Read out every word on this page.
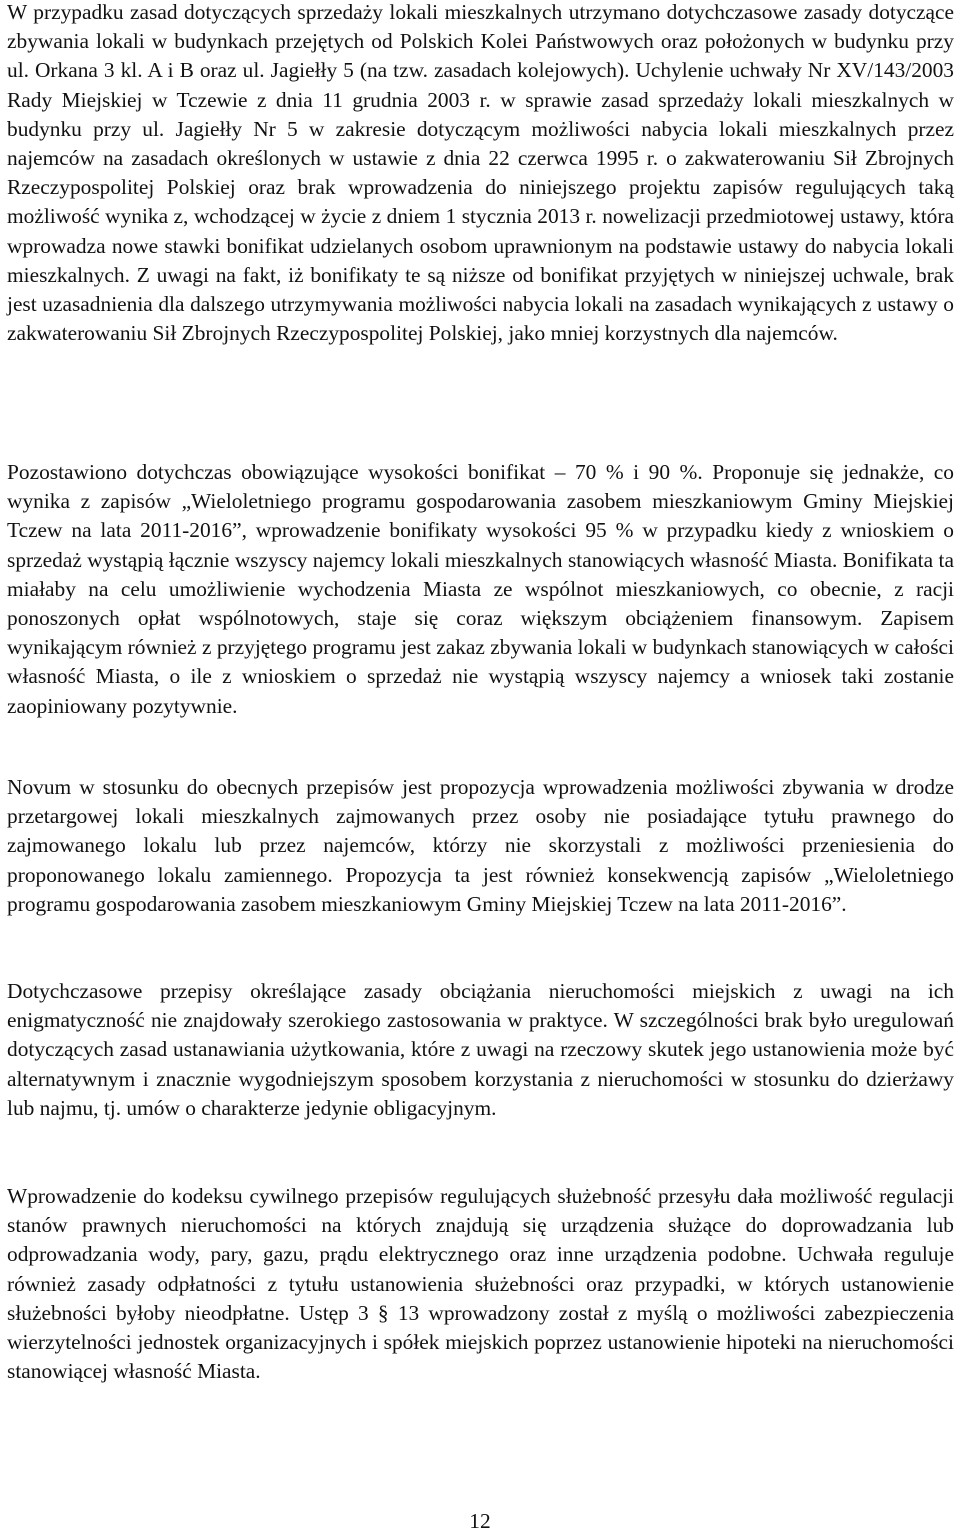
W przypadku zasad dotyczących sprzedaży lokali mieszkalnych utrzymano dotychczasowe zasady dotyczące zbywania lokali w budynkach przejętych od Polskich Kolei Państwowych oraz położonych w budynku przy ul. Orkana 3 kl. A i B oraz ul. Jagiełły 5 (na tzw. zasadach kolejowych). Uchylenie uchwały Nr XV/143/2003 Rady Miejskiej w Tczewie z dnia 11 grudnia 2003 r. w sprawie zasad sprzedaży lokali mieszkalnych w budynku przy ul. Jagiełły Nr 5 w zakresie dotyczącym możliwości nabycia lokali mieszkalnych przez najemców na zasadach określonych w ustawie z dnia 22 czerwca 1995 r. o zakwaterowaniu Sił Zbrojnych Rzeczypospolitej Polskiej oraz brak wprowadzenia do niniejszego projektu zapisów regulujących taką możliwość wynika z, wchodzącej w życie z dniem 1 stycznia 2013 r. nowelizacji przedmiotowej ustawy, która wprowadza nowe stawki bonifikat udzielanych osobom uprawnionym na podstawie ustawy do nabycia lokali mieszkalnych. Z uwagi na fakt, iż bonifikaty te są niższe od bonifikat przyjętych w niniejszej uchwale, brak jest uzasadnienia dla dalszego utrzymywania możliwości nabycia lokali na zasadach wynikających z ustawy o zakwaterowaniu Sił Zbrojnych Rzeczypospolitej Polskiej, jako mniej korzystnych dla najemców.

Pozostawiono dotychczas obowiązujące wysokości bonifikat – 70 % i 90 %. Proponuje się jednakże, co wynika z zapisów „Wieloletniego programu gospodarowania zasobem mieszkaniowym Gminy Miejskiej Tczew na lata 2011-2016”, wprowadzenie bonifikaty wysokości 95 % w przypadku kiedy z wnioskiem o sprzedaż wystąpią łącznie wszyscy najemcy lokali mieszkalnych stanowiących własność Miasta. Bonifikata ta miałaby na celu umożliwienie wychodzenia Miasta ze wspólnot mieszkaniowych, co obecnie, z racji ponoszonych opłat wspólnotowych, staje się coraz większym obciążeniem finansowym. Zapisem wynikającym również z przyjętego programu jest zakaz zbywania lokali w budynkach stanowiących w całości własność Miasta, o ile z wnioskiem o sprzedaż nie wystąpią wszyscy najemcy a wniosek taki zostanie zaopiniowany pozytywnie.

Novum w stosunku do obecnych przepisów jest propozycja wprowadzenia możliwości zbywania w drodze przetargowej lokali mieszkalnych zajmowanych przez osoby nie posiadające tytułu prawnego do zajmowanego lokalu lub przez najemców, którzy nie skorzystali z możliwości przeniesienia do proponowanego lokalu zamiennego. Propozycja ta jest również konsekwencją zapisów „Wieloletniego programu gospodarowania zasobem mieszkaniowym Gminy Miejskiej Tczew na lata 2011-2016”.

Dotychczasowe przepisy określające zasady obciążania nieruchomości miejskich z uwagi na ich enigmatyczność nie znajdowały szerokiego zastosowania w praktyce. W szczególności brak było uregulowań dotyczących zasad ustanawiania użytkowania, które z uwagi na rzeczowy skutek jego ustanowienia może być alternatywnym i znacznie wygodniejszym sposobem korzystania z nieruchomości w stosunku do dzierżawy lub najmu, tj. umów o charakterze jedynie obligacyjnym.

Wprowadzenie do kodeksu cywilnego przepisów regulujących służebność przesyłu dała możliwość regulacji stanów prawnych nieruchomości na których znajdują się urządzenia służące do doprowadzania lub odprowadzania wody, pary, gazu, prądu elektrycznego oraz inne urządzenia podobne. Uchwała reguluje również zasady odpłatności z tytułu ustanowienia służebności oraz przypadki, w których ustanowienie służebności byłoby nieodpłatne. Ustęp 3 § 13 wprowadzony został z myślą o możliwości zabezpieczenia wierzytelności jednostek organizacyjnych i spółek miejskich poprzez ustanowienie hipoteki na nieruchomości stanowiącej własność Miasta.

12
